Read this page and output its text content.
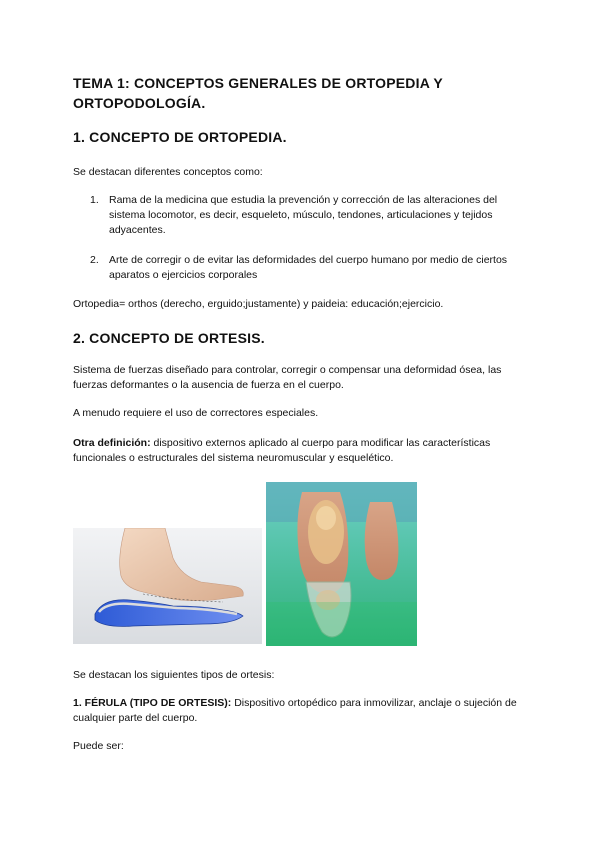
TEMA 1: CONCEPTOS GENERALES DE ORTOPEDIA Y ORTOPODOLOGÍA.
1. CONCEPTO DE ORTOPEDIA.
Se destacan diferentes conceptos como:
1. Rama de la medicina que estudia la prevención y corrección de las alteraciones del sistema locomotor, es decir, esqueleto, músculo, tendones, articulaciones y tejidos adyacentes.
2. Arte de corregir o de evitar las deformidades del cuerpo humano por medio de ciertos aparatos o ejercicios corporales
Ortopedia= orthos (derecho, erguido;justamente) y paideia: educación;ejercicio.
2. CONCEPTO DE ORTESIS.
Sistema de fuerzas diseñado para controlar, corregir o compensar una deformidad ósea, las fuerzas deformantes o la ausencia de fuerza en el cuerpo.
A menudo requiere el uso de correctores especiales.
Otra definición: dispositivo externos aplicado al cuerpo para modificar las características funcionales o estructurales del sistema neuromuscular y esquelético.
Se destacan los siguientes tipos de ortesis:
1. FÉRULA (TIPO DE ORTESIS): Dispositivo ortopédico para inmovilizar, anclaje o sujeción de cualquier parte del cuerpo.
Puede ser:
